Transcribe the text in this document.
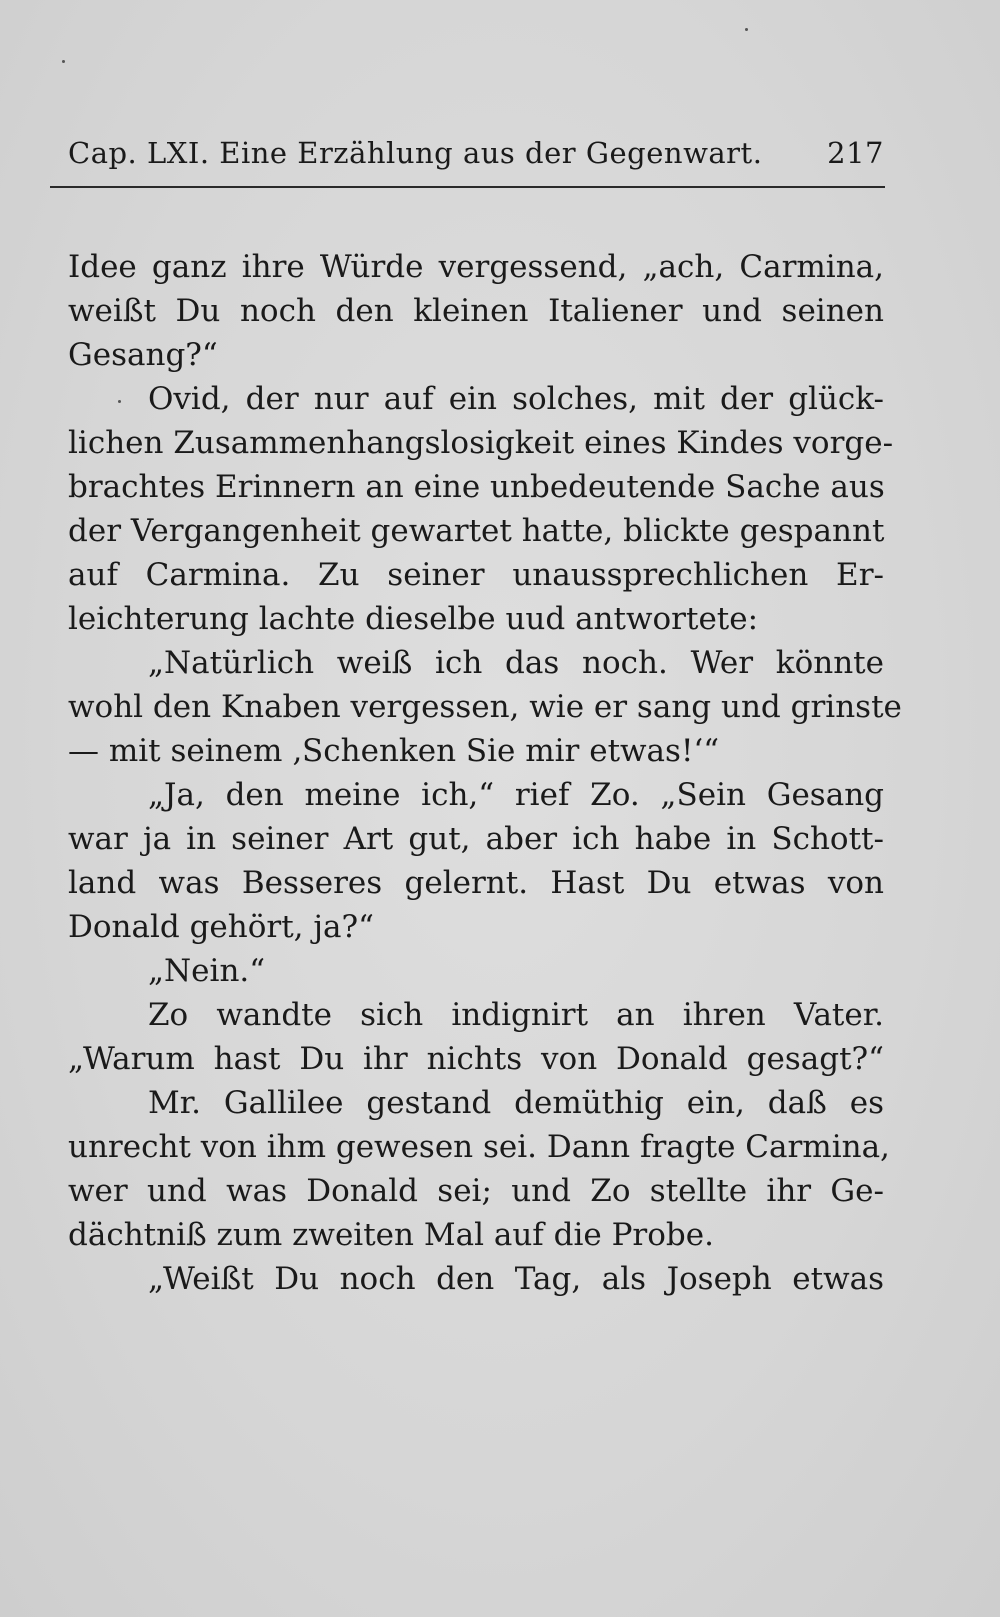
Cap. LXI. Eine Erzählung aus der Gegenwart. 217
Idee ganz ihre Würde vergessend, „ach, Carmina,
weißt Du noch den kleinen Italiener und seinen
Gesang?“
Ovid, der nur auf ein solches, mit der glück-
lichen Zusammenhangslosigkeit eines Kindes vorge-
brachtes Erinnern an eine unbedeutende Sache aus
der Vergangenheit gewartet hatte, blickte gespannt
auf Carmina. Zu seiner unaussprechlichen Er-
leichterung lachte dieselbe uud antwortete:
„Natürlich weiß ich das noch. Wer könnte
wohl den Knaben vergessen, wie er sang und grinste
— mit seinem ‚Schenken Sie mir etwas!‘“
„Ja, den meine ich,“ rief Zo. „Sein Gesang
war ja in seiner Art gut, aber ich habe in Schott-
land was Besseres gelernt. Hast Du etwas von
Donald gehört, ja?“
„Nein.“
Zo wandte sich indignirt an ihren Vater.
„Warum hast Du ihr nichts von Donald gesagt?“
Mr. Gallilee gestand demüthig ein, daß es
unrecht von ihm gewesen sei. Dann fragte Carmina,
wer und was Donald sei; und Zo stellte ihr Ge-
dächtniß zum zweiten Mal auf die Probe.
„Weißt Du noch den Tag, als Joseph etwas
